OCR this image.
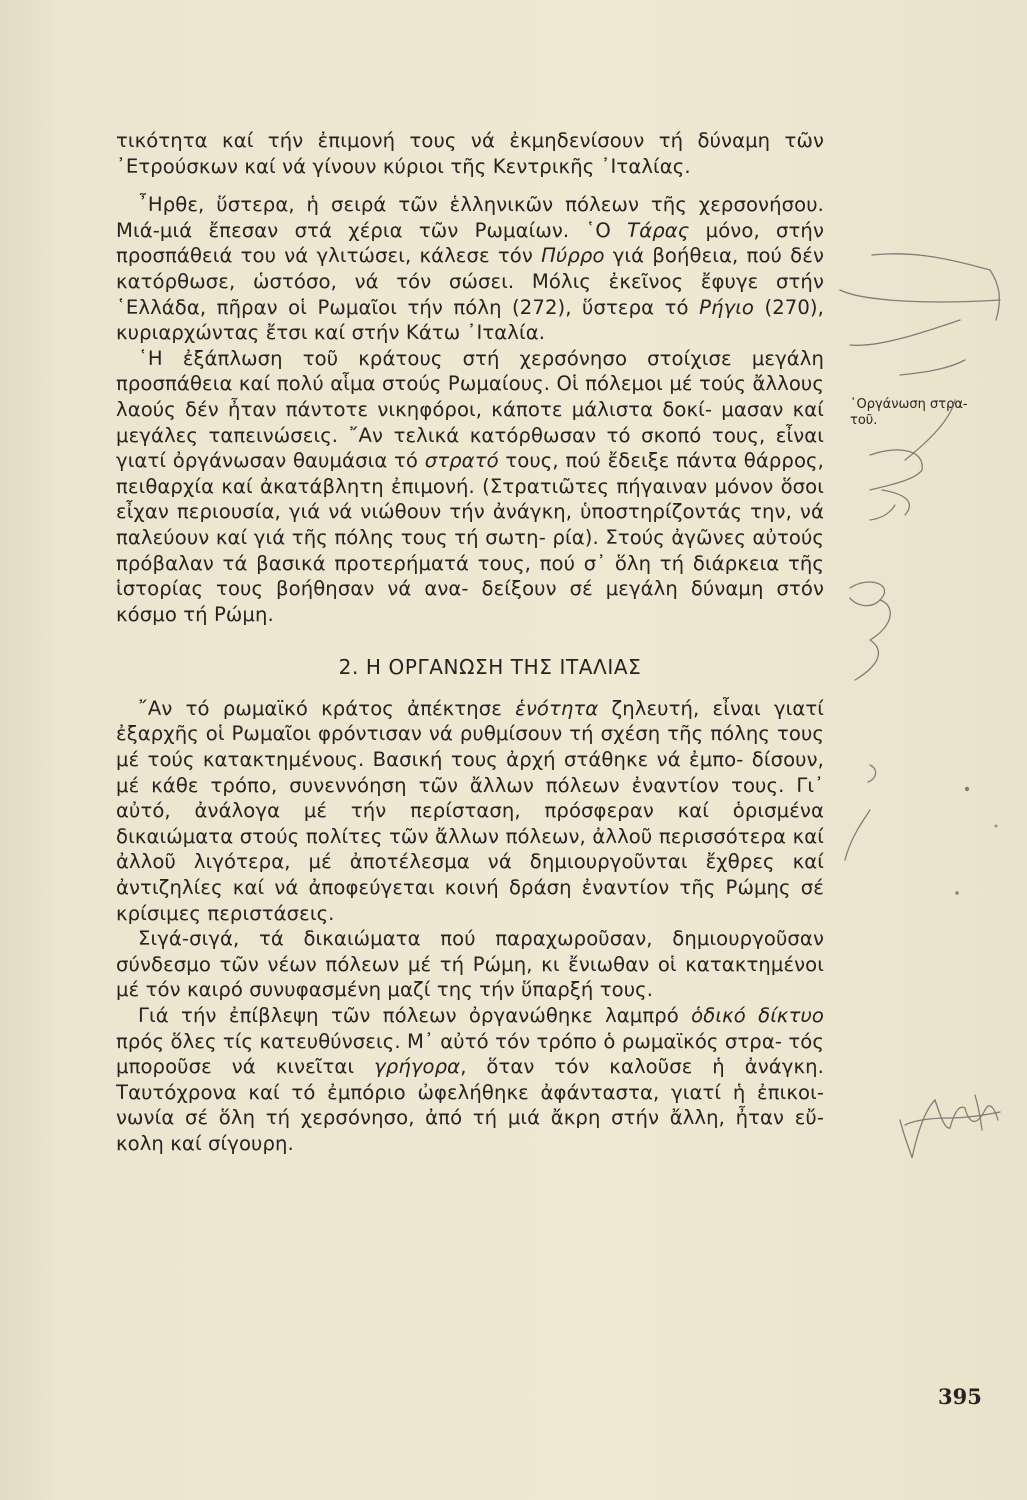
τικότητα καί τήν ἐπιμονή τους νά ἐκμηδενίσουν τή δύναμη τῶν ᾿Ετρούσκων καί νά γίνουν κύριοι τῆς Κεντρικῆς ᾿Ιταλίας.

῏Ηρθε, ὕστερα, ἡ σειρά τῶν ἑλληνικῶν πόλεων τῆς χερσονήσου. Μιά-μιά ἔπεσαν στά χέρια τῶν Ρωμαίων. ῾Ο Τάρας μόνο, στήν προσπάθειά του νά γλιτώσει, κάλεσε τόν Πύρρο γιά βοήθεια, πού δέν κατόρθωσε, ὡστόσο, νά τόν σώσει. Μόλις ἐκεῖνος ἔφυγε στήν ῾Ελλάδα, πῆραν οἱ Ρωμαῖοι τήν πόλη (272), ὕστερα τό Ρήγιο (270), κυριαρχώντας ἔτσι καί στήν Κάτω ᾿Ιταλία.

῾Η ἐξάπλωση τοῦ κράτους στή χερσόνησο στοίχισε μεγάλη προσπάθεια καί πολύ αἷμα στούς Ρωμαίους. Οἱ πόλεμοι μέ τούς ἄλλους λαούς δέν ἦταν πάντοτε νικηφόροι, κάποτε μάλιστα δοκί- μασαν καί μεγάλες ταπεινώσεις. ῎Αν τελικά κατόρθωσαν τό σκοπό τους, εἶναι γιατί ὀργάνωσαν θαυμάσια τό στρατό τους, πού ἔδειξε πάντα θάρρος, πειθαρχία καί ἀκατάβλητη ἐπιμονή. (Στρατιῶτες πήγαιναν μόνον ὅσοι εἶχαν περιουσία, γιά νά νιώθουν τήν ἀνάγκη, ὑποστηρίζοντάς την, νά παλεύουν καί γιά τῆς πόλης τους τή σωτη- ρία). Στούς ἀγῶνες αὐτούς πρόβαλαν τά βασικά προτερήματά τους, πού σ᾿ ὅλη τή διάρκεια τῆς ἱστορίας τους βοήθησαν νά ανα- δείξουν σέ μεγάλη δύναμη στόν κόσμο τή Ρώμη.

2. Η ΟΡΓΑΝΩΣΗ ΤΗΣ ΙΤΑΛΙΑΣ

῎Αν τό ρωμαϊκό κράτος ἀπέκτησε ἑνότητα ζηλευτή, εἶναι γιατί ἐξαρχῆς οἱ Ρωμαῖοι φρόντισαν νά ρυθμίσουν τή σχέση τῆς πόλης τους μέ τούς κατακτημένους. Βασική τους ἀρχή στάθηκε νά ἐμπο- δίσουν, μέ κάθε τρόπο, συνεννόηση τῶν ἄλλων πόλεων ἐναντίον τους. Γι᾿ αὐτό, ἀνάλογα μέ τήν περίσταση, πρόσφεραν καί ὁρισμένα δικαιώματα στούς πολίτες τῶν ἄλλων πόλεων, ἀλλοῦ περισσότερα καί ἀλλοῦ λιγότερα, μέ ἀποτέλεσμα νά δημιουργοῦνται ἔχθρες καί ἀντιζηλίες καί νά ἀποφεύγεται κοινή δράση ἐναντίον τῆς Ρώμης σέ κρίσιμες περιστάσεις.

Σιγά-σιγά, τά δικαιώματα πού παραχωροῦσαν, δημιουργοῦσαν σύνδεσμο τῶν νέων πόλεων μέ τή Ρώμη, κι ἔνιωθαν οἱ κατακτημένοι μέ τόν καιρό συνυφασμένη μαζί της τήν ὕπαρξή τους.

Γιά τήν ἐπίβλεψη τῶν πόλεων ὀργανώθηκε λαμπρό ὁδικό δίκτυο πρός ὅλες τίς κατευθύνσεις. Μ᾿ αὐτό τόν τρόπο ὁ ρωμαϊκός στρα- τός μποροῦσε νά κινεῖται γρήγορα, ὅταν τόν καλοῦσε ἡ ἀνάγκη. Ταυτόχρονα καί τό ἐμπόριο ὠφελήθηκε ἀφάνταστα, γιατί ἡ ἐπικοι- νωνία σέ ὅλη τή χερσόνησο, ἀπό τή μιά ἄκρη στήν ἄλλη, ἦταν εὔ- κολη καί σίγουρη.

᾿Οργάνωση στρα-
τοῦ.
395
